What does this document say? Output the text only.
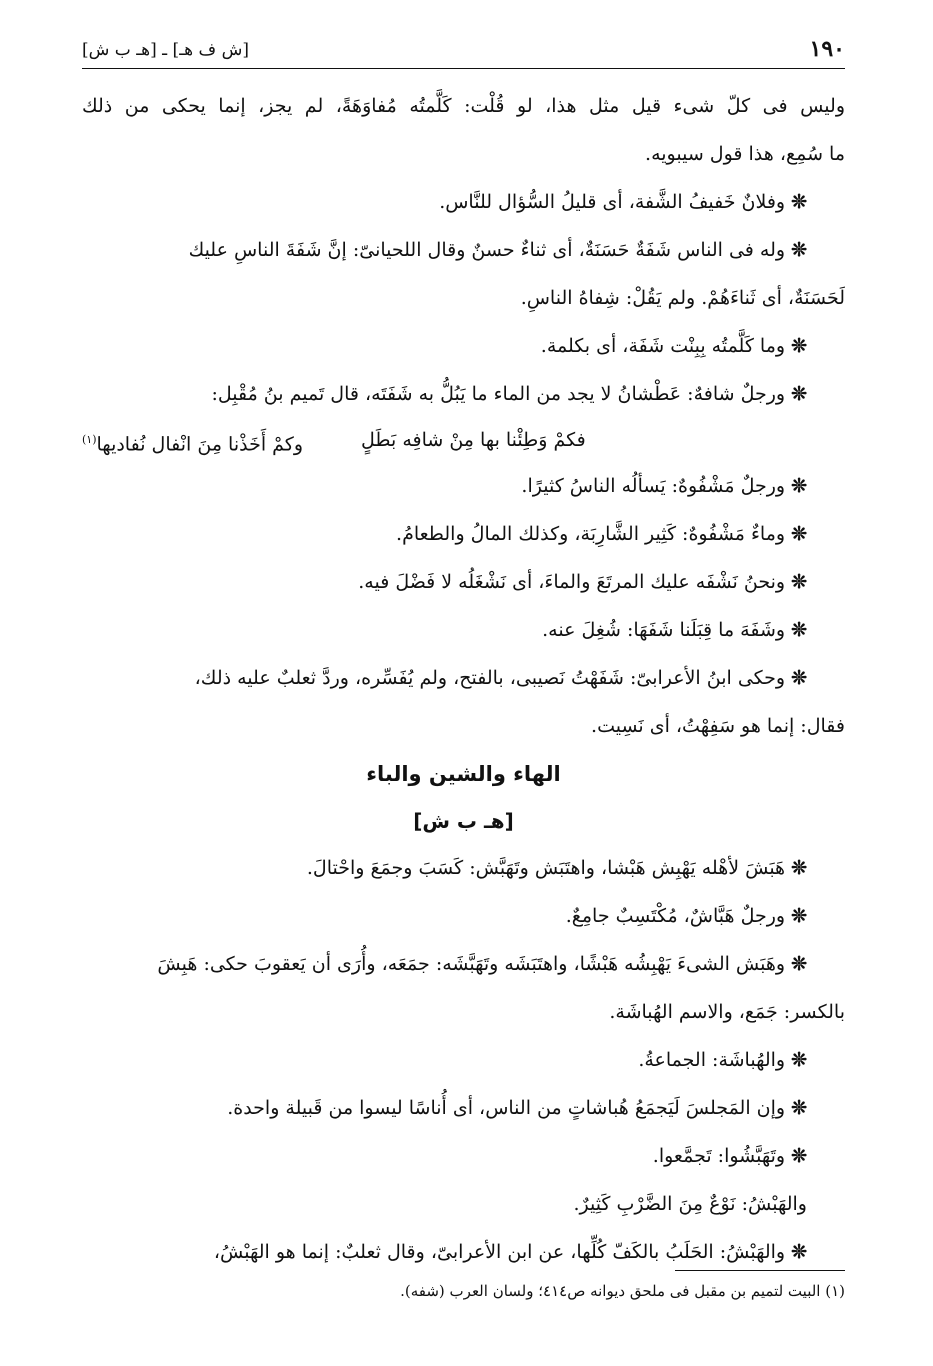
١٩٠
[ش ف هـ] ـ [هـ ب ش]
وليس فى كلّ شىء قيل مثل هذا، لو قُلْت: كَلَّمتُه مُفاوَهَةً، لم يجز، إنما يحكى من ذلك
ما سُمِع، هذا قول سيبويه.
❊وفلانٌ خَفيفُ الشَّفة، أى قليلُ السُّؤال للنَّاس.
❊وله فى الناس شَفَةٌ حَسَنَةٌ، أى ثناءٌ حسنٌ وقال اللحيانىّ: إنَّ شَفَةَ الناسِ عليك
لَحَسَنَةٌ، أى ثَناءَهُمْ. ولم يَقُلْ: شِفاهُ الناسِ.
❊وما كَلَّمتُه بِبِنْت شَفَة، أى بكلمة.
❊ورجلٌ شافهٌ: عَطْشانُ لا يجد من الماء ما يَبُلُّ به شَفَتَه، قال تَميم بنُ مُقْبِل:
فكمْ وَطِئْنا بها مِنْ شافِه بَطَلٍ
وكمْ أَخَذْنا مِنَ انْفال نُفاديها$^{(١)}$
❊ورجلٌ مَشْفُوهٌ: يَسألُه الناسُ كثيرًا.
❊وماءٌ مَشْفُوهٌ: كَثِير الشَّارِبَة، وكذلك المالُ والطعامُ.
❊ونحنُ نَشْفَه عليك المرتَعَ والماءَ، أى نَشْغَلُه لا فَضْلَ فيه.
❊وشَفَهَ ما قِبَلَنا شَفَهَا: شُغِلَ عنه.
❊وحكى ابنُ الأعرابىّ: شَفَهْتُ نَصيبى، بالفتح، ولم يُفَسِّره، وردَّ ثعلبٌ عليه ذلك،
فقال: إنما هو سَفِهْتُ، أى نَسِيت.
الهاء والشين والباء
[هـ ب ش]
❊هَبَشَ لأهْله يَهْبِش هَبْشا، واهتَبَش وتَهَبَّش: كَسَبَ وجمَعَ واحْتالَ.
❊ورجلٌ هَبَّاشٌ، مُكْتَسِبٌ جامِعٌ.
❊وهَبَش الشىءَ يَهْبِشُه هَبْشًا، واهتَبَشَه وتَهَبَّشَه: جمَعَه، وأُرَى أن يَعقوبَ حكى: هَبِشَ
بالكسر: جَمَع، والاسم الهُباشَة.
❊والهُباشَة: الجماعةُ.
❊وإن المَجلسَ لَيَجمَعُ هُباشاتٍ من الناس، أى أُناسًا ليسوا من قَبيلة واحدة.
❊وتَهَبَّشُوا: تَجمَّعوا.
والهَبْشُ: نَوْعٌ مِنَ الضَّرْبِ كَثِيرٌ.
❊والهَبْشُ: الحَلَبُ بالكَفّ كُلِّها، عن ابن الأعرابىّ، وقال ثعلبٌ: إنما هو الهَبْشُ،
(١) البيت لتميم بن مقبل فى ملحق ديوانه ص٤١٤؛ ولسان العرب (شفه).
